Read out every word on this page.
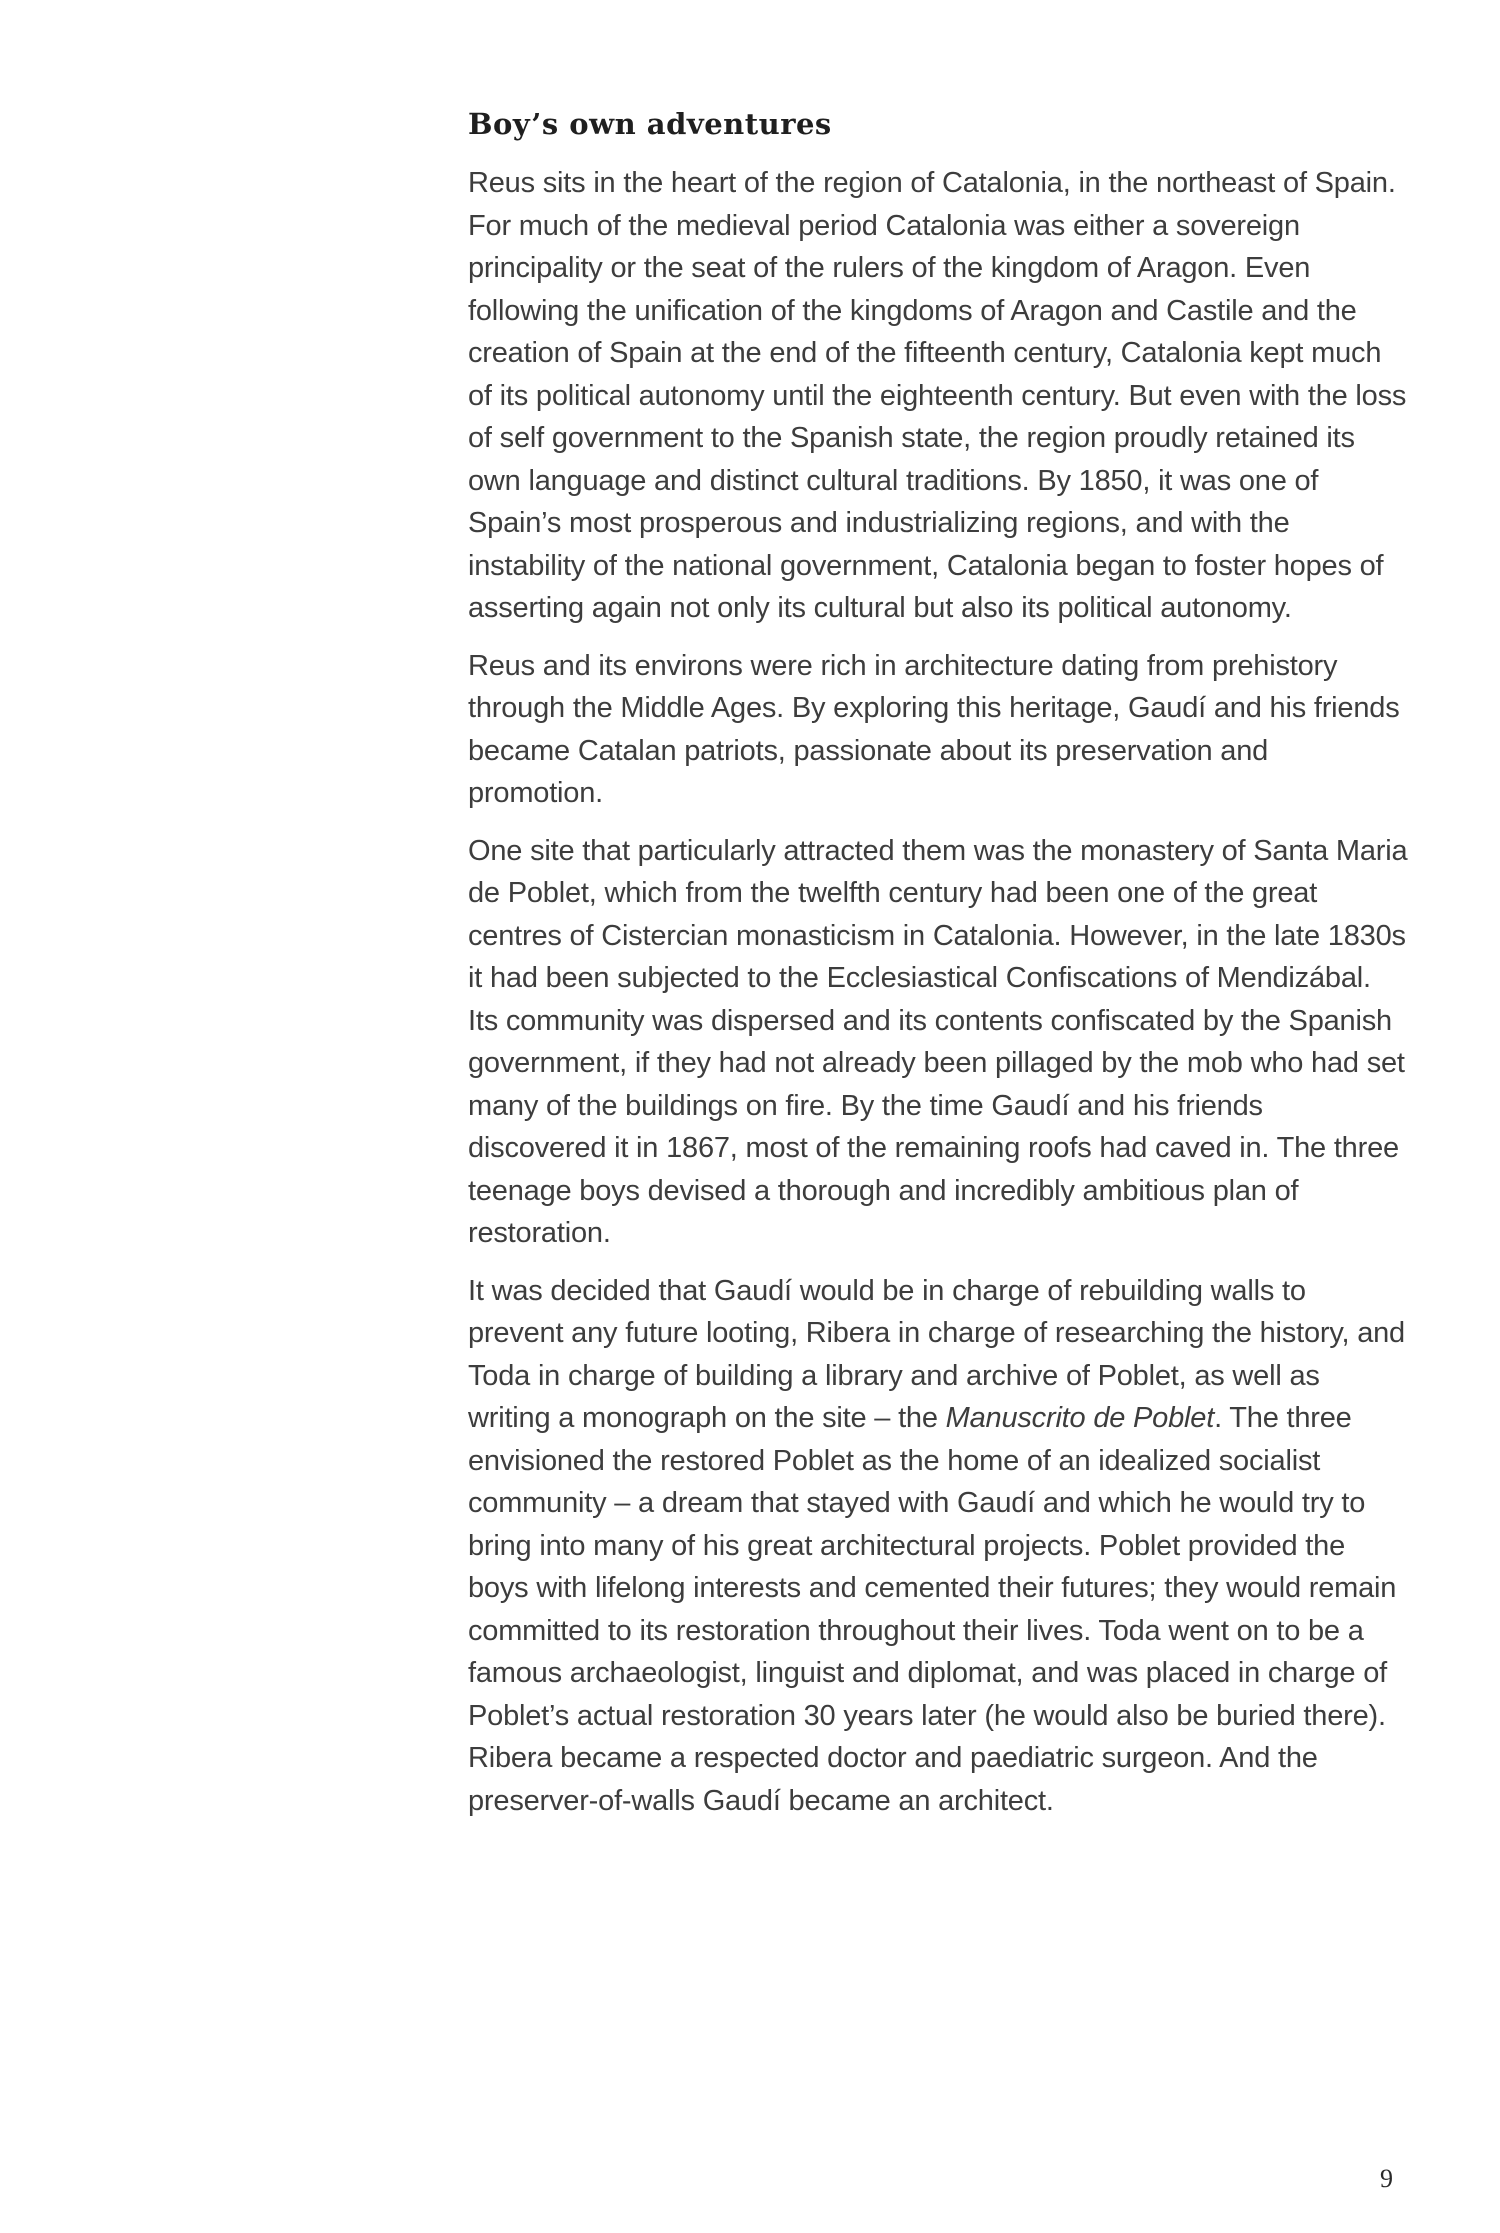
Boy’s own adventures

Reus sits in the heart of the region of Catalonia, in the northeast of Spain. For much of the medieval period Catalonia was either a sovereign principality or the seat of the rulers of the kingdom of Aragon. Even following the unification of the kingdoms of Aragon and Castile and the creation of Spain at the end of the fifteenth century, Catalonia kept much of its political autonomy until the eighteenth century. But even with the loss of self government to the Spanish state, the region proudly retained its own language and distinct cultural traditions. By 1850, it was one of Spain’s most prosperous and industrializing regions, and with the instability of the national government, Catalonia began to foster hopes of asserting again not only its cultural but also its political autonomy.

Reus and its environs were rich in architecture dating from prehistory through the Middle Ages. By exploring this heritage, Gaudí and his friends became Catalan patriots, passionate about its preservation and promotion.

One site that particularly attracted them was the monastery of Santa Maria de Poblet, which from the twelfth century had been one of the great centres of Cistercian monasticism in Catalonia. However, in the late 1830s it had been subjected to the Ecclesiastical Confiscations of Mendizábal. Its community was dispersed and its contents confiscated by the Spanish government, if they had not already been pillaged by the mob who had set many of the buildings on fire. By the time Gaudí and his friends discovered it in 1867, most of the remaining roofs had caved in. The three teenage boys devised a thorough and incredibly ambitious plan of restoration.

It was decided that Gaudí would be in charge of rebuilding walls to prevent any future looting, Ribera in charge of researching the history, and Toda in charge of building a library and archive of Poblet, as well as writing a monograph on the site – the Manuscrito de Poblet. The three envisioned the restored Poblet as the home of an idealized socialist community – a dream that stayed with Gaudí and which he would try to bring into many of his great architectural projects. Poblet provided the boys with lifelong interests and cemented their futures; they would remain committed to its restoration throughout their lives. Toda went on to be a famous archaeologist, linguist and diplomat, and was placed in charge of Poblet’s actual restoration 30 years later (he would also be buried there). Ribera became a respected doctor and paediatric surgeon. And the preserver-of-walls Gaudí became an architect.

9
